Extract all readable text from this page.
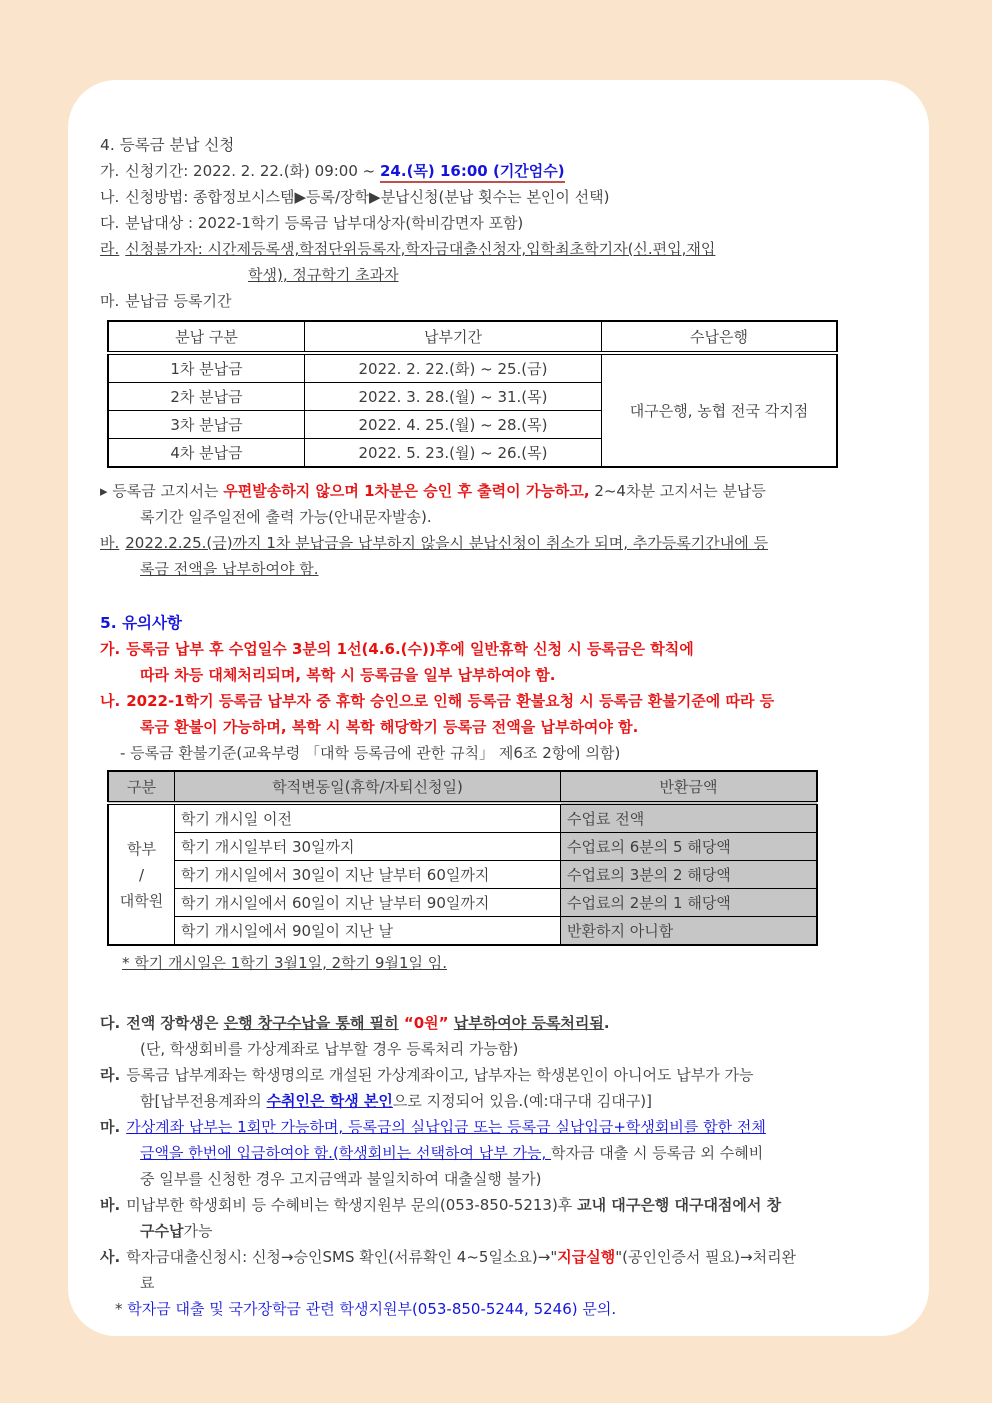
4. 등록금 분납 신청
가. 신청기간: 2022. 2. 22.(화) 09:00 ~ 24.(목) 16:00 (기간엄수)
나. 신청방법: 종합정보시스템▶등록/장학▶분납신청(분납 횟수는 본인이 선택)
다. 분납대상 : 2022-1학기 등록금 납부대상자(학비감면자 포함)
라. 신청불가자: 시간제등록생,학점단위등록자,학자금대출신청자,입학최초학기자(신.편입,재입
학생), 정규학기 초과자
마. 분납금 등록기간
분납 구분	납부기간	수납은행
1차 분납금	2022. 2. 22.(화) ~ 25.(금)	대구은행, 농협 전국 각지점
2차 분납금	2022. 3. 28.(월) ~ 31.(목)	
3차 분납금	2022. 4. 25.(월) ~ 28.(목)	
4차 분납금	2022. 5. 23.(월) ~ 26.(목)	
▸ 등록금 고지서는 우편발송하지 않으며 1차분은 승인 후 출력이 가능하고, 2~4차분 고지서는 분납등
록기간 일주일전에 출력 가능(안내문자발송).
바. 2022.2.25.(금)까지 1차 분납금을 납부하지 않을시 분납신청이 취소가 되며, 추가등록기간내에 등
록금 전액을 납부하여야 함.
5. 유의사항
가. 등록금 납부 후 수업일수 3분의 1선(4.6.(수))후에 일반휴학 신청 시 등록금은 학칙에
따라 차등 대체처리되며, 복학 시 등록금을 일부 납부하여야 함.
나. 2022-1학기 등록금 납부자 중 휴학 승인으로 인해 등록금 환불요청 시 등록금 환불기준에 따라 등
록금 환불이 가능하며, 복학 시 복학 해당학기 등록금 전액을 납부하여야 함.
- 등록금 환불기준(교육부령 「대학 등록금에 관한 규칙」 제6조 2항에 의함)
구분	학적변동일(휴학/자퇴신청일)	반환금액

학부
/
대학원	학기 개시일 이전	수업료 전액
	학기 개시일부터 30일까지	수업료의 6분의 5 해당액
	학기 개시일에서 30일이 지난 날부터 60일까지	수업료의 3분의 2 해당액
	학기 개시일에서 60일이 지난 날부터 90일까지	수업료의 2분의 1 해당액
	학기 개시일에서 90일이 지난 날	반환하지 아니함
* 학기 개시일은 1학기 3월1일, 2학기 9월1일 임.
다. 전액 장학생은 은행 창구수납을 통해 필히 “0원” 납부하여야 등록처리됨.
(단, 학생회비를 가상계좌로 납부할 경우 등록처리 가능함)
라. 등록금 납부계좌는 학생명의로 개설된 가상계좌이고, 납부자는 학생본인이 아니어도 납부가 가능
함[납부전용계좌의 수취인은 학생 본인으로 지정되어 있음.(예:대구대 김대구)]
마. 가상계좌 납부는 1회만 가능하며, 등록금의 실납입금 또는 등록금 실납입금+학생회비를 합한 전체
금액을 한번에 입금하여야 함.(학생회비는 선택하여 납부 가능, 학자금 대출 시 등록금 외 수혜비
중 일부를 신청한 경우 고지금액과 불일치하여 대출실행 불가)
바. 미납부한 학생회비 등 수혜비는 학생지원부 문의(053-850-5213)후 교내 대구은행 대구대점에서 창
구수납가능
사. 학자금대출신청시: 신청→승인SMS 확인(서류확인 4~5일소요)→"지급실행"(공인인증서 필요)→처리완
료
* 학자금 대출 및 국가장학금 관련 학생지원부(053-850-5244, 5246) 문의.
